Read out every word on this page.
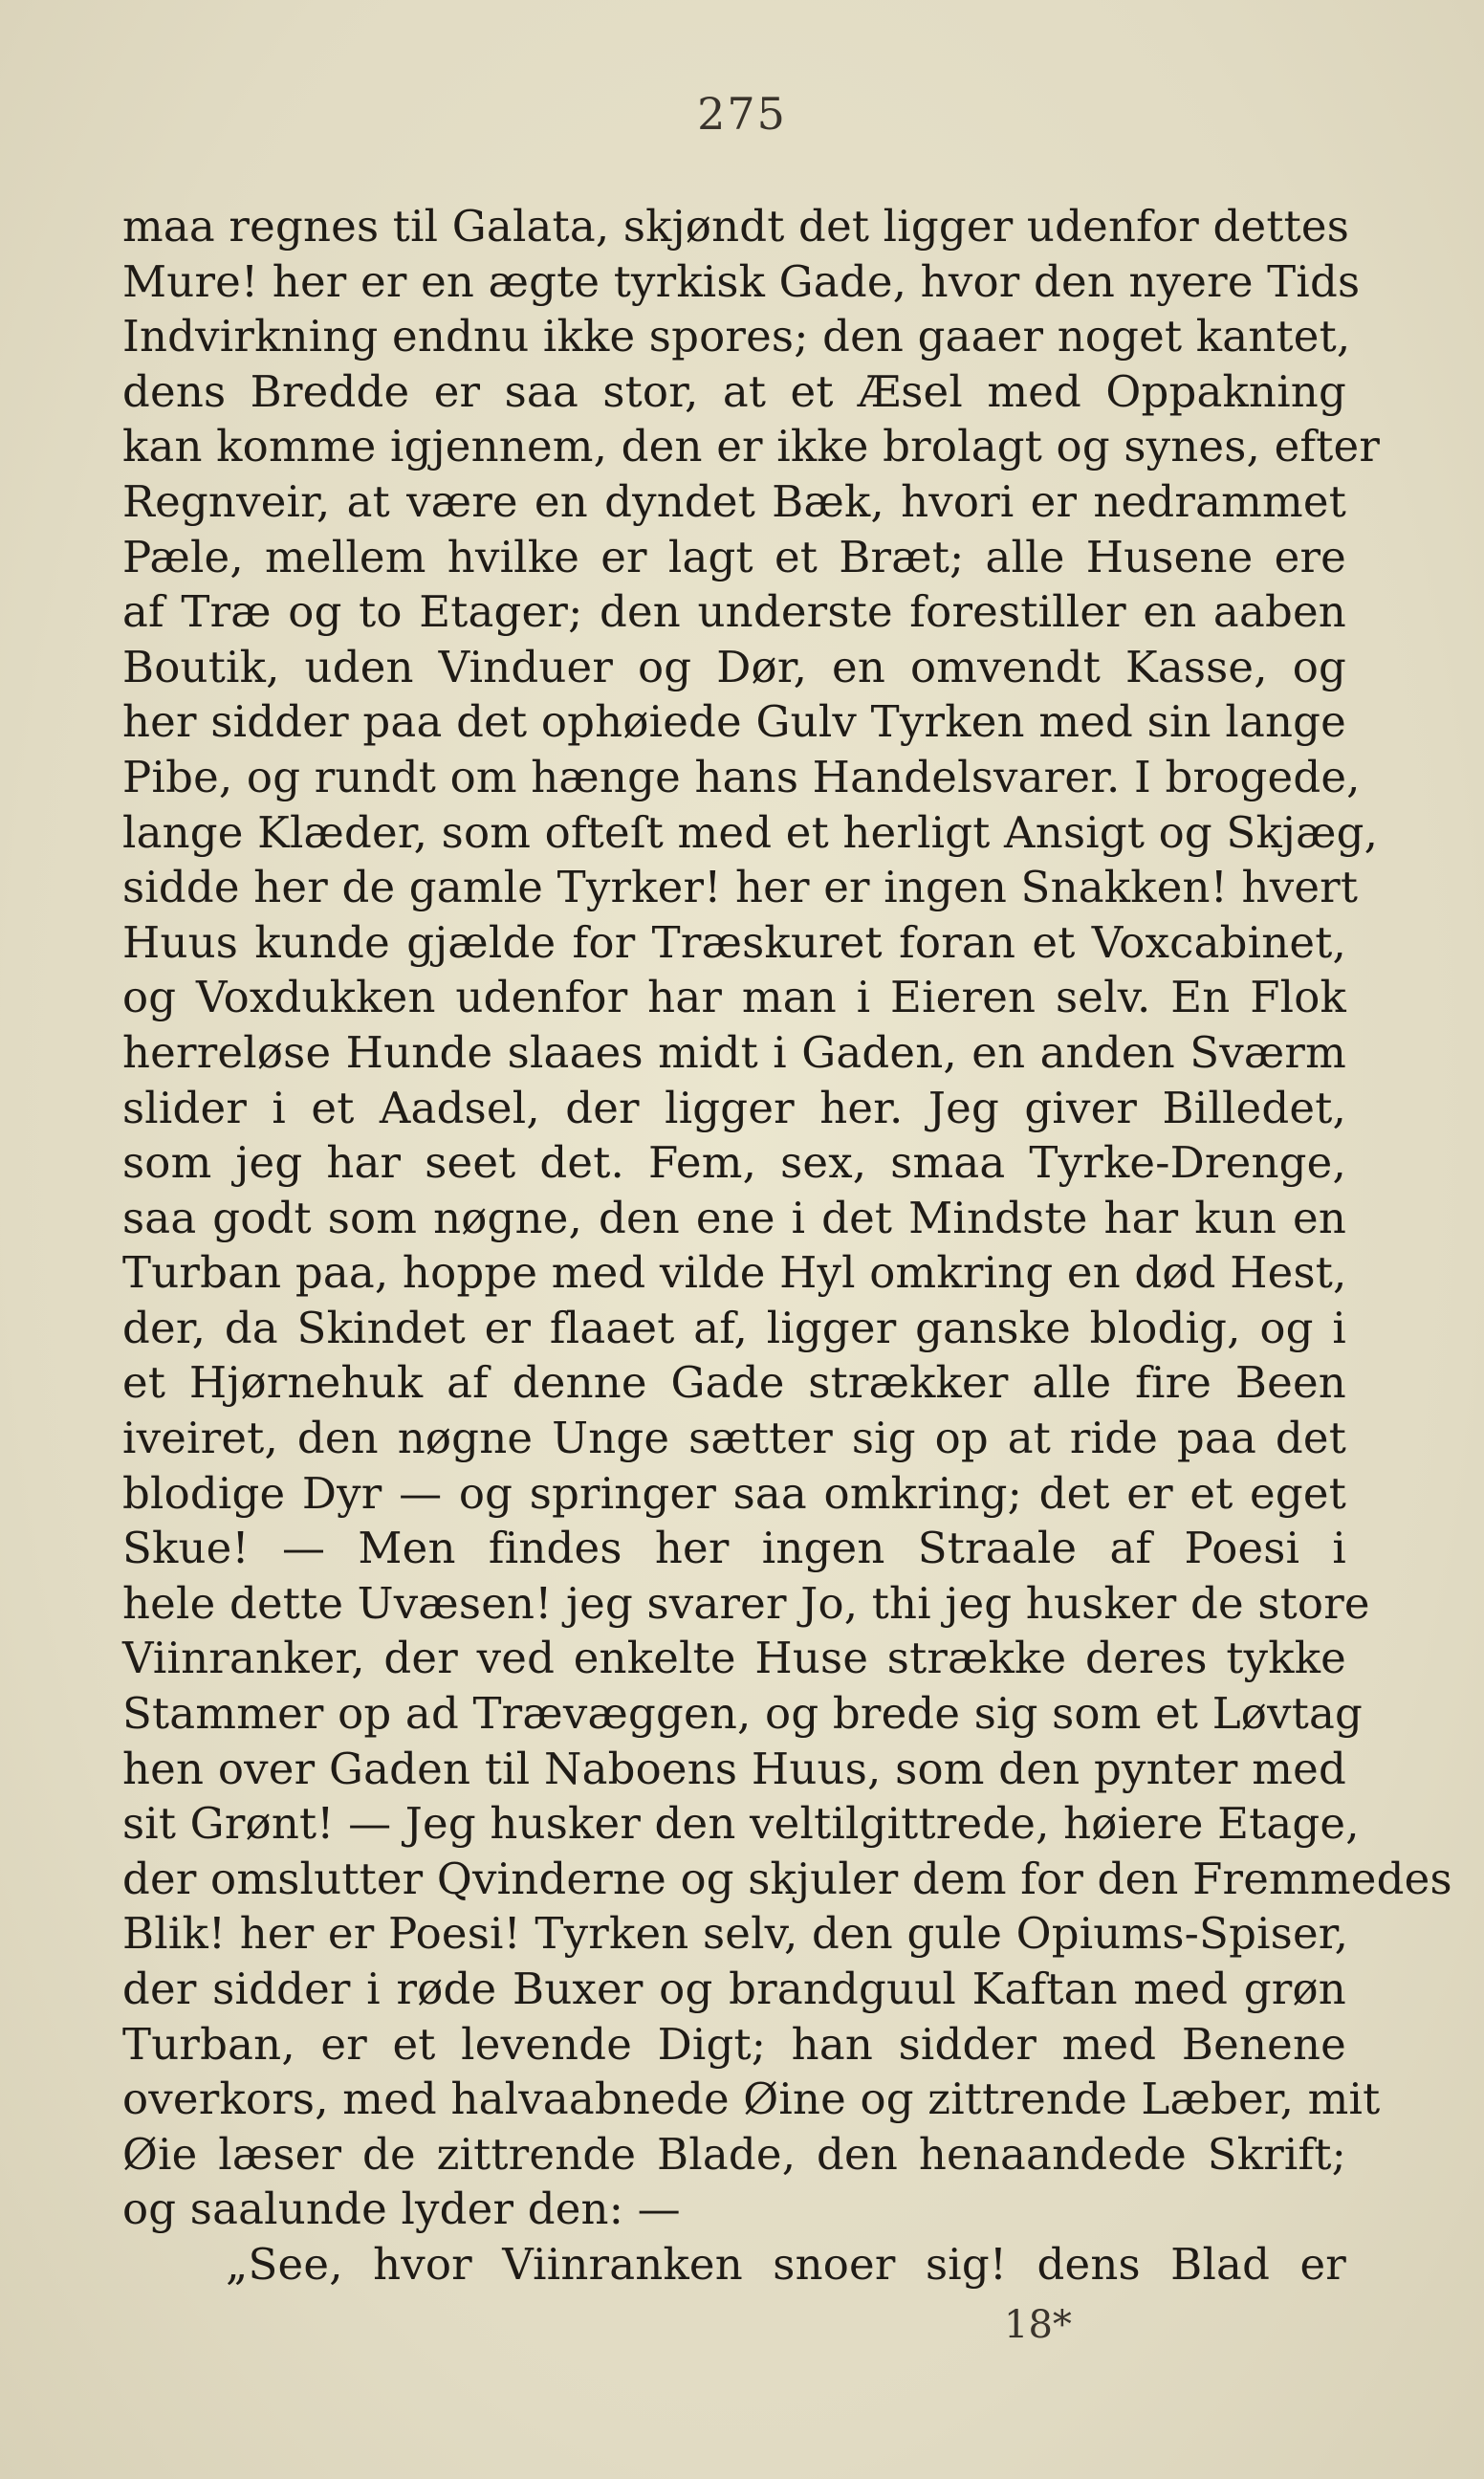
275
maa regnes til Galata, skjøndt det ligger udenfor dettes
Mure! her er en ægte tyrkisk Gade, hvor den nyere Tids
Indvirkning endnu ikke spores; den gaaer noget kantet,
dens Bredde er saa stor, at et Æsel med Oppakning
kan komme igjennem, den er ikke brolagt og synes, efter
Regnveir, at være en dyndet Bæk, hvori er nedrammet
Pæle, mellem hvilke er lagt et Bræt; alle Husene ere
af Træ og to Etager; den underste forestiller en aaben
Boutik, uden Vinduer og Dør, en omvendt Kasse, og
her sidder paa det ophøiede Gulv Tyrken med sin lange
Pibe, og rundt om hænge hans Handelsvarer. I brogede,
lange Klæder, som ofteſt med et herligt Ansigt og Skjæg,
sidde her de gamle Tyrker! her er ingen Snakken! hvert
Huus kunde gjælde for Træskuret foran et Voxcabinet,
og Voxdukken udenfor har man i Eieren selv. En Flok
herreløse Hunde slaaes midt i Gaden, en anden Sværm
slider i et Aadsel, der ligger her. Jeg giver Billedet,
som jeg har seet det. Fem, sex, smaa Tyrke-Drenge,
saa godt som nøgne, den ene i det Mindste har kun en
Turban paa, hoppe med vilde Hyl omkring en død Hest,
der, da Skindet er flaaet af, ligger ganske blodig, og i
et Hjørnehuk af denne Gade strækker alle fire Been
iveiret, den nøgne Unge sætter sig op at ride paa det
blodige Dyr — og springer saa omkring; det er et eget
Skue! — Men findes her ingen Straale af Poesi i
hele dette Uvæsen! jeg svarer Jo, thi jeg husker de store
Viinranker, der ved enkelte Huse strække deres tykke
Stammer op ad Trævæggen, og brede sig som et Løvtag
hen over Gaden til Naboens Huus, som den pynter med
sit Grønt! — Jeg husker den veltilgittrede, høiere Etage,
der omslutter Qvinderne og skjuler dem for den Fremmedes
Blik! her er Poesi! Tyrken selv, den gule Opiums-Spiser,
der sidder i røde Buxer og brandguul Kaftan med grøn
Turban, er et levende Digt; han sidder med Benene
overkors, med halvaabnede Øine og zittrende Læber, mit
Øie læser de zittrende Blade, den henaandede Skrift;
og saalunde lyder den: —
„See, hvor Viinranken snoer sig! dens Blad er
18*
